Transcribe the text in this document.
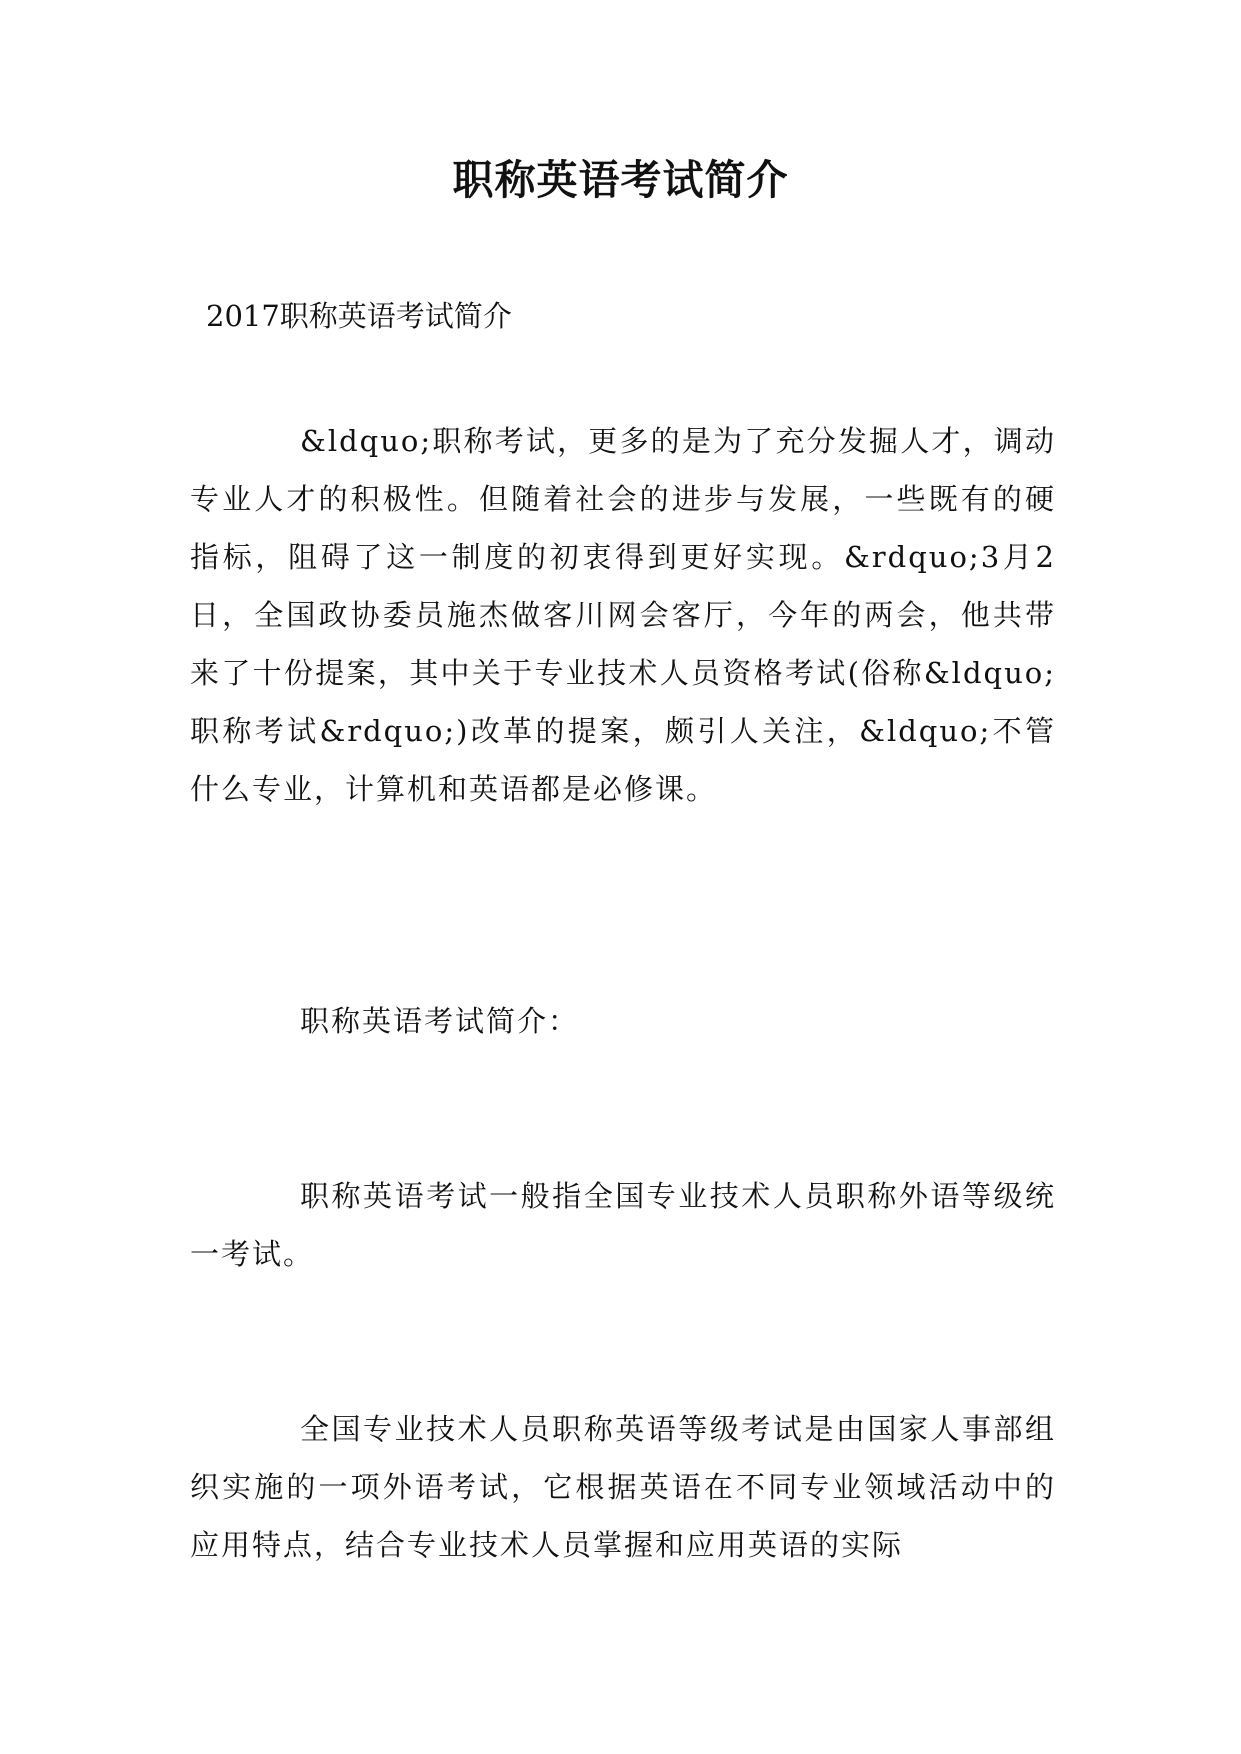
职称英语考试简介

2017职称英语考试简介

&ldquo;职称考试，更多的是为了充分发掘人才，调动专业人才的积极性。但随着社会的进步与发展，一些既有的硬指标，阻碍了这一制度的初衷得到更好实现。&rdquo;3月2日，全国政协委员施杰做客川网会客厅，今年的两会，他共带来了十份提案，其中关于专业技术人员资格考试(俗称&ldquo;职称考试&rdquo;)改革的提案，颇引人关注，&ldquo;不管什么专业，计算机和英语都是必修课。

职称英语考试简介：

职称英语考试一般指全国专业技术人员职称外语等级统一考试。

全国专业技术人员职称英语等级考试是由国家人事部组织实施的一项外语考试，它根据英语在不同专业领域活动中的应用特点，结合专业技术人员掌握和应用英语的实际
